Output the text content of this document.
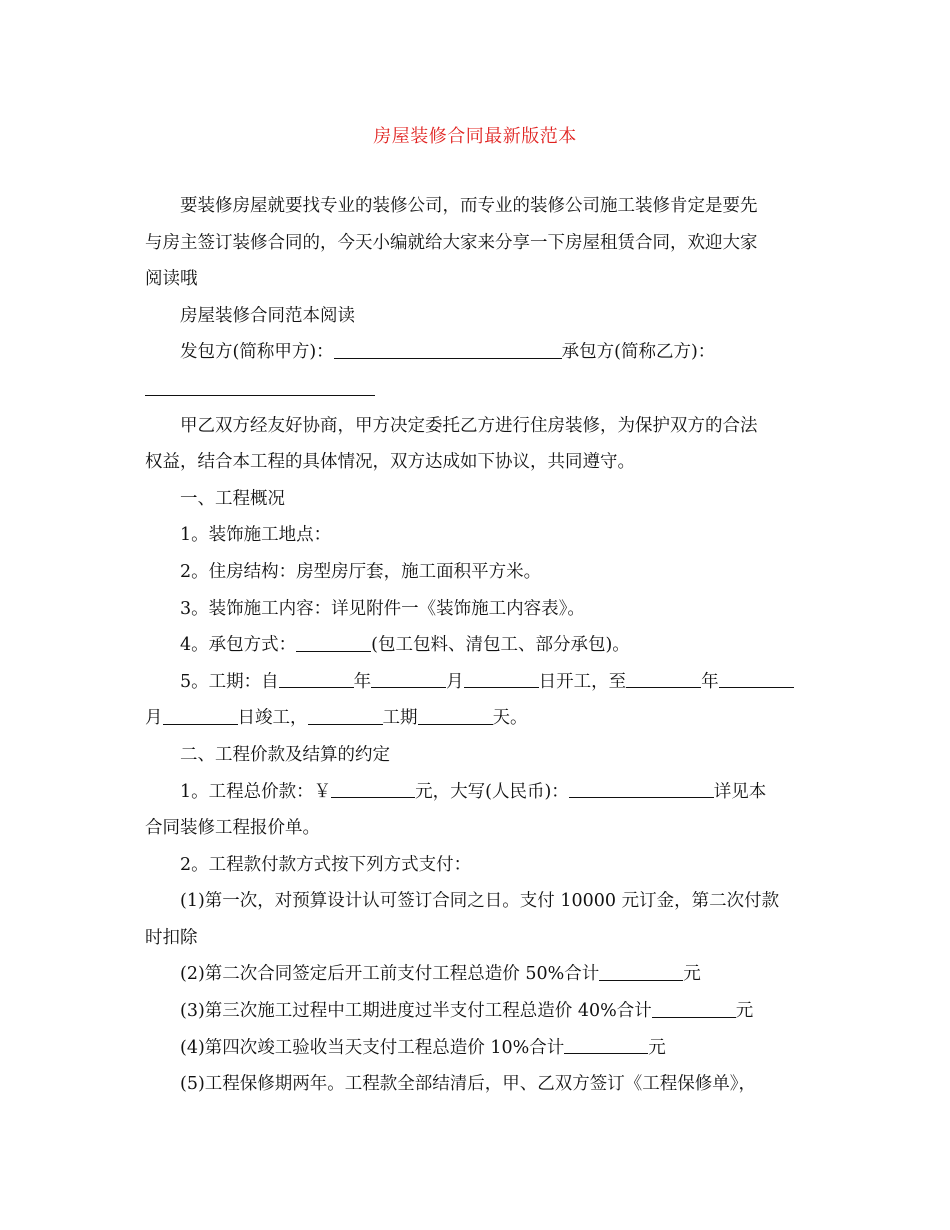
房屋装修合同最新版范本

要装修房屋就要找专业的装修公司，而专业的装修公司施工装修肯定是要先

与房主签订装修合同的，今天小编就给大家来分享一下房屋租赁合同，欢迎大家

阅读哦

房屋装修合同范本阅读

发包方(简称甲方)：	承包方(简称乙方)：

甲乙双方经友好协商，甲方决定委托乙方进行住房装修，为保护双方的合法

权益，结合本工程的具体情况，双方达成如下协议，共同遵守。

一、工程概况

1。装饰施工地点：

2。住房结构：房型房厅套，施工面积平方米。

3。装饰施工内容：详见附件一《装饰施工内容表》。

4。承包方式：	(包工包料、清包工、部分承包)。

5。工期：自	年	月	日开工，至	年

月	日竣工，	工期	天。

二、工程价款及结算的约定

1。工程总价款：￥	元，大写(人民币)：	详见本

合同装修工程报价单。

2。工程款付款方式按下列方式支付：

(1)第一次，对预算设计认可签订合同之日。支付 10000 元订金，第二次付款

时扣除

(2)第二次合同签定后开工前支付工程总造价 50%合计	元

(3)第三次施工过程中工期进度过半支付工程总造价 40%合计	元

(4)第四次竣工验收当天支付工程总造价 10%合计	元

(5)工程保修期两年。工程款全部结清后，甲、乙双方签订《工程保修单》，
